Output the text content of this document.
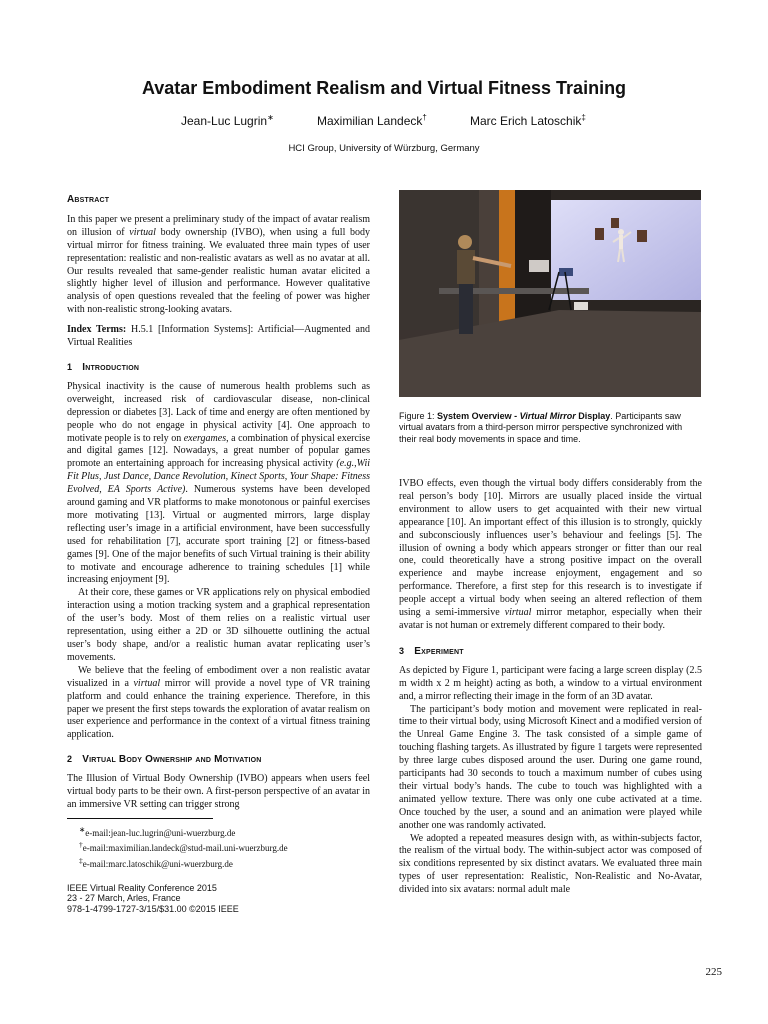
Avatar Embodiment Realism and Virtual Fitness Training
Jean-Luc Lugrin∗	Maximilian Landeck†	Marc Erich Latoschik‡
HCI Group, University of Würzburg, Germany

Abstract

In this paper we present a preliminary study of the impact of avatar realism on illusion of virtual body ownership (IVBO), when using a full body virtual mirror for fitness training. We evaluated three main types of user representation: realistic and non-realistic avatars as well as no avatar at all. Our results revealed that same-gender realistic human avatar elicited a slightly higher level of illusion and performance. However qualitative analysis of open questions revealed that the feeling of power was higher with non-realistic strong-looking avatars.

Index Terms: H.5.1 [Information Systems]: Artificial—Augmented and Virtual Realities

1 Introduction

Physical inactivity is the cause of numerous health problems such as overweight, increased risk of cardiovascular disease, non-clinical depression or diabetes [3]. Lack of time and energy are often mentioned by people who do not engage in physical activity [4]. One approach to motivate people is to rely on exergames, a combination of physical exercise and digital games [12]. Nowadays, a great number of popular games promote an entertaining approach for increasing physical activity (e.g.,Wii Fit Plus, Just Dance, Dance Revolution, Kinect Sports, Your Shape: Fitness Evolved, EA Sports Active). Numerous systems have been developed around gaming and VR platforms to make monotonous or painful exercises more motivating [13]. Virtual or augmented mirrors, large display reflecting user’s image in a artificial environment, have been successfully used for rehabilitation [7], accurate sport training [2] or fitness-based games [9]. One of the major benefits of such Virtual training is their ability to motivate and encourage adherence to training schedules [1] while increasing enjoyment [9].

At their core, these games or VR applications rely on physical embodied interaction using a motion tracking system and a graphical representation of the user’s body. Most of them relies on a realistic virtual user representation, using either a 2D or 3D silhouette outlining the actual user’s body shape, and/or a realistic human avatar replicating user’s movements.

We believe that the feeling of embodiment over a non realistic avatar visualized in a virtual mirror will provide a novel type of VR training platform and could enhance the training experience. Therefore, in this paper we present the first steps towards the exploration of avatar realism on user experience and performance in the context of a virtual fitness training application.

2 Virtual Body Ownership and Motivation

The Illusion of Virtual Body Ownership (IVBO) appears when users feel virtual body parts to be their own. A first-person perspective of an avatar in an immersive VR setting can trigger strong

∗e-mail:jean-luc.lugrin@uni-wuerzburg.de
†e-mail:maximilian.landeck@stud-mail.uni-wuerzburg.de
‡e-mail:marc.latoschik@uni-wuerzburg.de
IEEE Virtual Reality Conference 2015
23 - 27 March, Arles, France
978-1-4799-1727-3/15/$31.00 ©2015 IEEE
Figure 1: System Overview - Virtual Mirror Display. Participants saw virtual avatars from a third-person mirror perspective synchronized with their real body movements in space and time.

IVBO effects, even though the virtual body differs considerably from the real person’s body [10]. Mirrors are usually placed inside the virtual environment to allow users to get acquainted with their new virtual appearance [10]. An important effect of this illusion is to strongly, quickly and subconsciously influences user’s behaviour and feelings [5]. The illusion of owning a body which appears stronger or fitter than our real one, could theoretically have a strong positive impact on the overall experience and maybe increase enjoyment, engagement and so performance. Therefore, a first step for this research is to investigate if people accept a virtual body when seeing an altered reflection of them using a semi-immersive virtual mirror metaphor, especially when their avatar is not human or extremely different compared to their body.

3 Experiment

As depicted by Figure 1, participant were facing a large screen display (2.5 m width x 2 m height) acting as both, a window to a virtual environment and, a mirror reflecting their image in the form of an 3D avatar.

The participant’s body motion and movement were replicated in real-time to their virtual body, using Microsoft Kinect and a modified version of the Unreal Game Engine 3. The task consisted of a simple game of touching flashing targets. As illustrated by figure 1 targets were represented by three large cubes disposed around the user. During one game round, participants had 30 seconds to touch a maximum number of cubes using their virtual body’s hands. The cube to touch was highlighted with a animated yellow texture. There was only one cube activated at a time. Once touched by the user, a sound and an animation were played while another one was randomly activated.

We adopted a repeated measures design with, as within-subjects factor, the realism of the virtual body. The within-subject actor was composed of six conditions represented by six distinct avatars. We evaluated three main types of user representation: Realistic, Non-Realistic and No-Avatar, divided into six avatars: normal adult male

225
